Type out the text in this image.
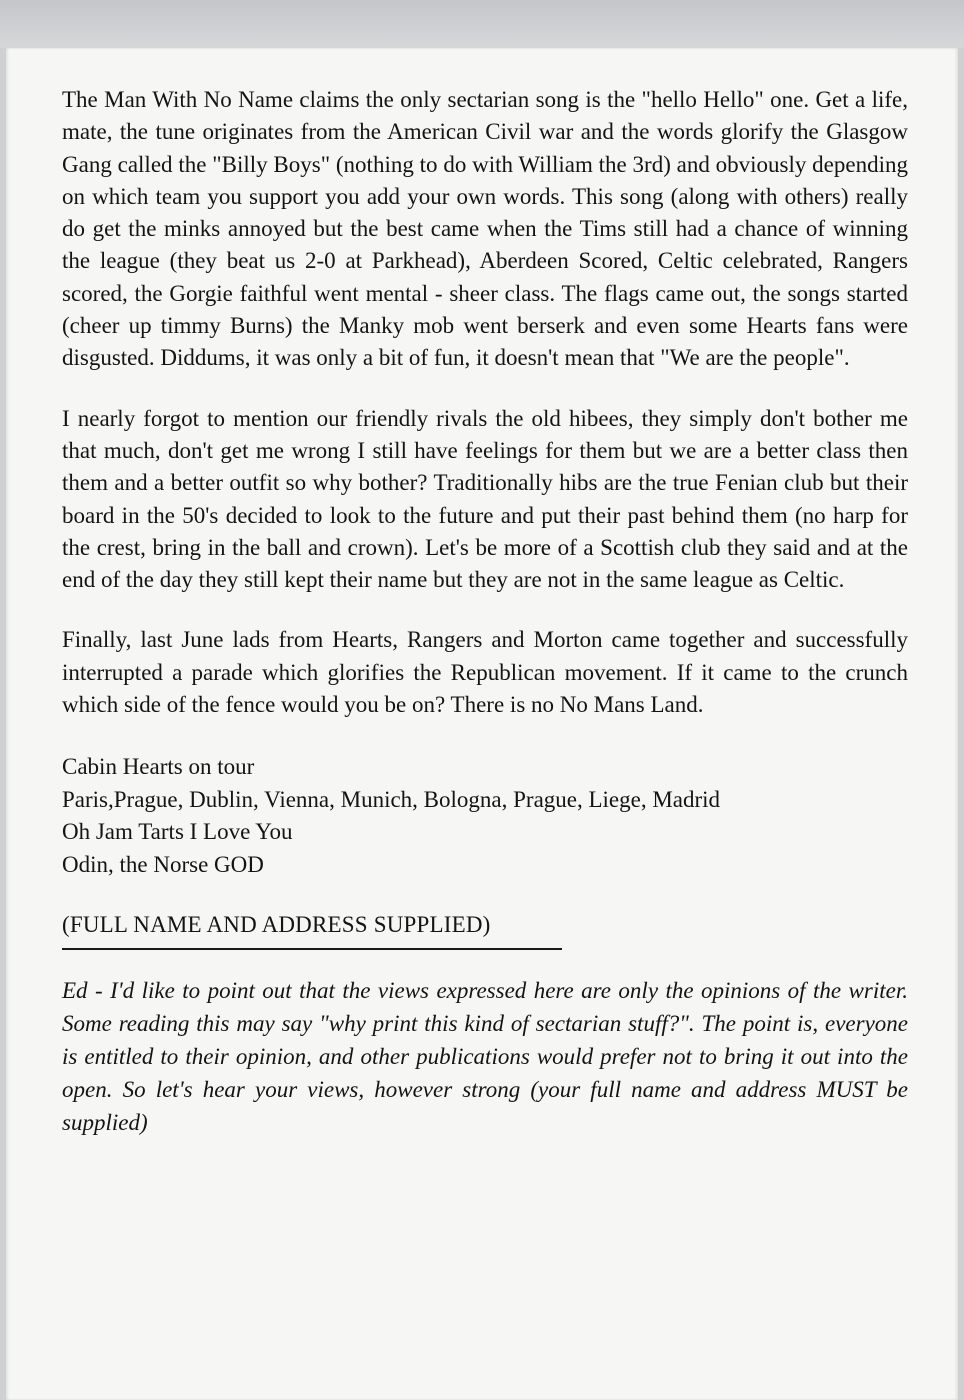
The Man With No Name claims the only sectarian song is the "hello Hello" one. Get a life, mate, the tune originates from the American Civil war and the words glorify the Glasgow Gang called the "Billy Boys" (nothing to do with William the 3rd) and obviously depending on which team you support you add your own words. This song (along with others) really do get the minks annoyed but the best came when the Tims still had a chance of winning the league (they beat us 2-0 at Parkhead), Aberdeen Scored, Celtic celebrated, Rangers scored, the Gorgie faithful went mental - sheer class. The flags came out, the songs started (cheer up timmy Burns) the Manky mob went berserk and even some Hearts fans were disgusted. Diddums, it was only a bit of fun, it doesn't mean that "We are the people".

I nearly forgot to mention our friendly rivals the old hibees, they simply don't bother me that much, don't get me wrong I still have feelings for them but we are a better class then them and a better outfit so why bother? Traditionally hibs are the true Fenian club but their board in the 50's decided to look to the future and put their past behind them (no harp for the crest, bring in the ball and crown). Let's be more of a Scottish club they said and at the end of the day they still kept their name but they are not in the same league as Celtic.

Finally, last June lads from Hearts, Rangers and Morton came together and successfully interrupted a parade which glorifies the Republican movement. If it came to the crunch which side of the fence would you be on? There is no No Mans Land.

Cabin Hearts on tour
Paris,Prague, Dublin, Vienna, Munich, Bologna, Prague, Liege, Madrid
Oh Jam Tarts I Love You
Odin, the Norse GOD
(FULL NAME AND ADDRESS SUPPLIED)

Ed - I'd like to point out that the views expressed here are only the opinions of the writer. Some reading this may say "why print this kind of sectarian stuff?". The point is, everyone is entitled to their opinion, and other publications would prefer not to bring it out into the open. So let's hear your views, however strong (your full name and address MUST be supplied)
